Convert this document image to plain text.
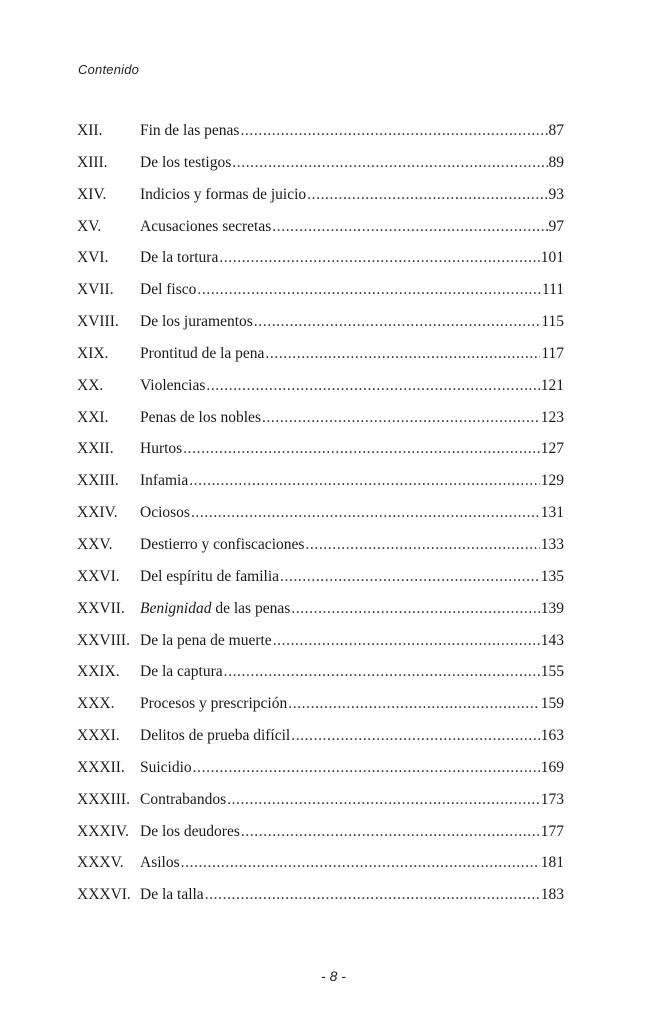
Contenido
XII.	Fin de las penas .....	87
XIII.	De los testigos .....	89
XIV.	Indicios y formas de juicio .....	93
XV.	Acusaciones secretas .....	97
XVI.	De la tortura .....	101
XVII.	Del fisco .....	111
XVIII.	De los juramentos .....	115
XIX.	Prontitud de la pena .....	117
XX.	Violencias .....	121
XXI.	Penas de los nobles .....	123
XXII.	Hurtos .....	127
XXIII.	Infamia .....	129
XXIV.	Ociosos .....	131
XXV.	Destierro y confiscaciones .....	133
XXVI.	Del espíritu de familia .....	135
XXVII. Benignidad de las penas .....	139
XXVIII. De la pena de muerte .....	143
XXIX.	De la captura .....	155
XXX.	Procesos y prescripción .....	159
XXXI.	Delitos de prueba difícil .....	163
XXXII. Suicidio .....	169
XXXIII. Contrabandos .....	173
XXXIV. De los deudores .....	177
XXXV.	Asilos .....	181
XXXVI. De la talla .....	183
- 8 -
